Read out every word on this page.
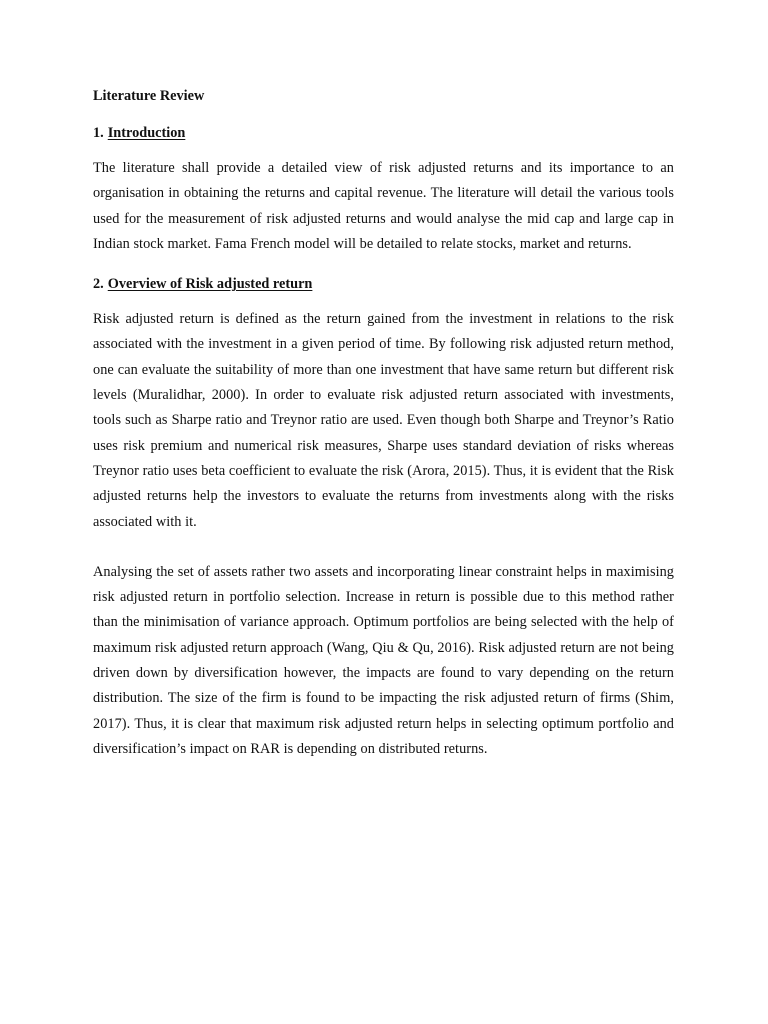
Literature Review

1. Introduction

The literature shall provide a detailed view of risk adjusted returns and its importance to an organisation in obtaining the returns and capital revenue. The literature will detail the various tools used for the measurement of risk adjusted returns and would analyse the mid cap and large cap in Indian stock market. Fama French model will be detailed to relate stocks, market and returns.

2. Overview of Risk adjusted return

Risk adjusted return is defined as the return gained from the investment in relations to the risk associated with the investment in a given period of time. By following risk adjusted return method, one can evaluate the suitability of more than one investment that have same return but different risk levels (Muralidhar, 2000). In order to evaluate risk adjusted return associated with investments, tools such as Sharpe ratio and Treynor ratio are used. Even though both Sharpe and Treynor’s Ratio uses risk premium and numerical risk measures, Sharpe uses standard deviation of risks whereas Treynor ratio uses beta coefficient to evaluate the risk (Arora, 2015). Thus, it is evident that the Risk adjusted returns help the investors to evaluate the returns from investments along with the risks associated with it.

Analysing the set of assets rather two assets and incorporating linear constraint helps in maximising risk adjusted return in portfolio selection. Increase in return is possible due to this method rather than the minimisation of variance approach. Optimum portfolios are being selected with the help of maximum risk adjusted return approach (Wang, Qiu & Qu, 2016). Risk adjusted return are not being driven down by diversification however, the impacts are found to vary depending on the return distribution. The size of the firm is found to be impacting the risk adjusted return of firms (Shim, 2017). Thus, it is clear that maximum risk adjusted return helps in selecting optimum portfolio and diversification’s impact on RAR is depending on distributed returns.
